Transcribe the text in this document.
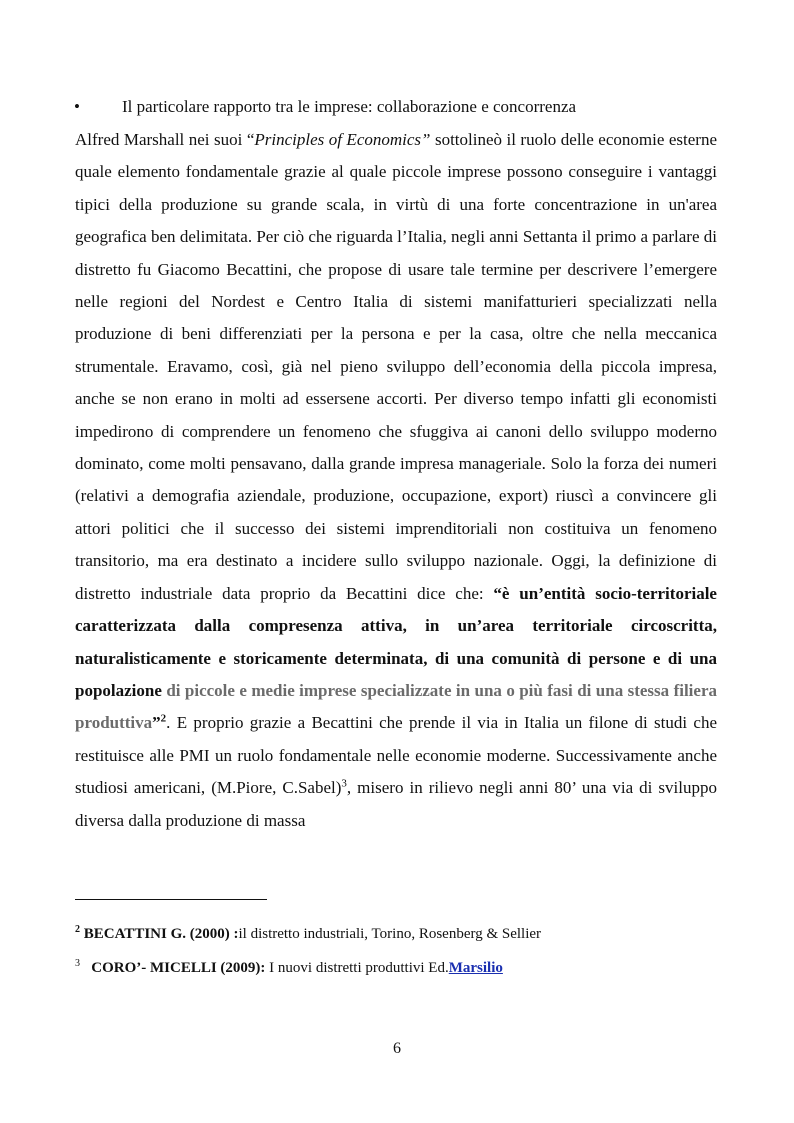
• Il particolare rapporto tra le imprese: collaborazione e concorrenza
Alfred Marshall nei suoi “Principles of Economics” sottolineò il ruolo delle economie esterne quale elemento fondamentale grazie al quale piccole imprese possono conseguire i vantaggi tipici della produzione su grande scala, in virtù di una forte concentrazione in un'area geografica ben delimitata. Per ciò che riguarda l’Italia, negli anni Settanta il primo a parlare di distretto fu Giacomo Becattini, che propose di usare tale termine per descrivere l’emergere nelle regioni del Nordest e Centro Italia di sistemi manifatturieri specializzati nella produzione di beni differenziati per la persona e per la casa, oltre che nella meccanica strumentale. Eravamo, così, già nel pieno sviluppo dell’economia della piccola impresa, anche se non erano in molti ad essersene accorti. Per diverso tempo infatti gli economisti impedirono di comprendere un fenomeno che sfuggiva ai canoni dello sviluppo moderno dominato, come molti pensavano, dalla grande impresa manageriale. Solo la forza dei numeri (relativi a demografia aziendale, produzione, occupazione, export) riuscì a convincere gli attori politici che il successo dei sistemi imprenditoriali non costituiva un fenomeno transitorio, ma era destinato a incidere sullo sviluppo nazionale. Oggi, la definizione di distretto industriale data proprio da Becattini dice che: “è un’entità socio-territoriale caratterizzata dalla compresenza attiva, in un’area territoriale circoscritta, naturalisticamente e storicamente determinata, di una comunità di persone e di una popolazione di piccole e medie imprese specializzate in una o più fasi di una stessa filiera produttiva”$^2$. E proprio grazie a Becattini che prende il via in Italia un filone di studi che restituisce alle PMI un ruolo fondamentale nelle economie moderne. Successivamente anche studiosi americani, (M.Piore, C.Sabel)$^3$, misero in rilievo negli anni 80’ una via di sviluppo diversa dalla produzione di massa
$^2$ BECATTINI G. (2000) :il distretto industriali, Torino, Rosenberg & Sellier
$^3$ CORO’- MICELLI (2009): I nuovi distretti produttivi Ed.Marsilio
6
